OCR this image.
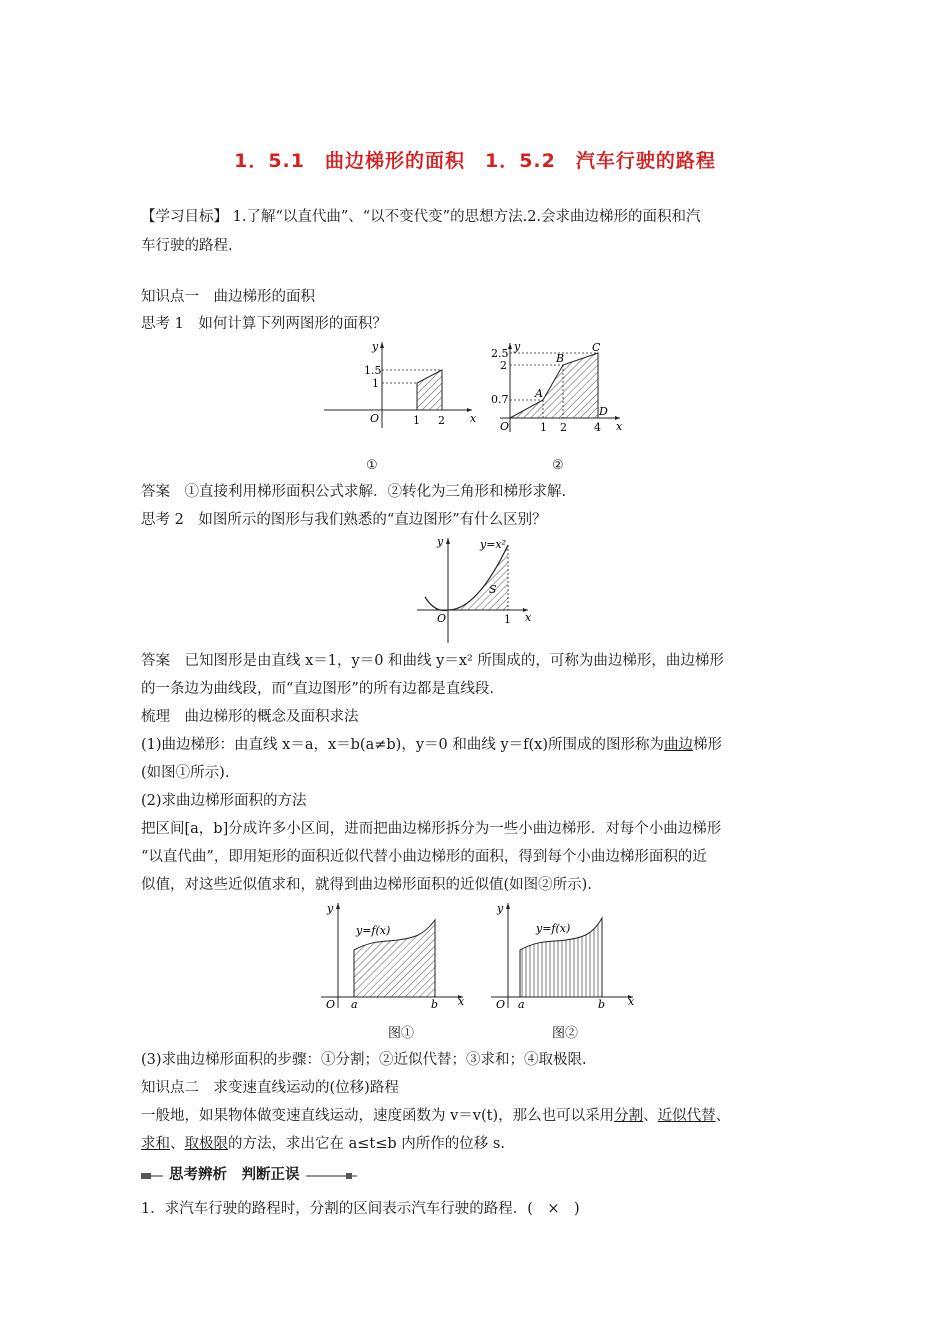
1．5.1　曲边梯形的面积　1．5.2　汽车行驶的路程
【学习目标】 1.了解“以直代曲”、“以不变代变”的思想方法.2.会求曲边梯形的面积和汽
车行驶的路程.
知识点一　曲边梯形的面积
思考 1　如何计算下列两图形的面积？
y
1.5
1
O	1 2 x
①
y
2.5
2
0.7 A
B
C
D
O	1 2 4 x
②
答案　①直接利用梯形面积公式求解．②转化为三角形和梯形求解.
思考 2　如图所示的图形与我们熟悉的“直边图形”有什么区别？
y	y=x²
S
O	1 x
答案　已知图形是由直线 x＝1，y＝0 和曲线 y＝x² 所围成的，可称为曲边梯形，曲边梯形
的一条边为曲线段，而“直边图形”的所有边都是直线段.
梳理　曲边梯形的概念及面积求法
(1)曲边梯形：由直线 x＝a，x＝b(a≠b)，y＝0 和曲线 y＝f(x)所围成的图形称为曲边梯形
(如图①所示).
(2)求曲边梯形面积的方法
把区间[a，b]分成许多小区间，进而把曲边梯形拆分为一些小曲边梯形．对每个小曲边梯形
“以直代曲”，即用矩形的面积近似代替小曲边梯形的面积，得到每个小曲边梯形面积的近
似值，对这些近似值求和，就得到曲边梯形面积的近似值(如图②所示).
y
y=f(x)
O a	b x
图①
y
y=f(x)
O a	b x
图②
(3)求曲边梯形面积的步骤：①分割；②近似代替；③求和；④取极限.
知识点二　求变速直线运动的(位移)路程
一般地，如果物体做变速直线运动，速度函数为 v＝v(t)，那么也可以采用分割、近似代替、
求和、取极限的方法，求出它在 a≤t≤b 内所作的位移 s.
思考辨析　判断正误
1．求汽车行驶的路程时，分割的区间表示汽车行驶的路程．(　×　)
